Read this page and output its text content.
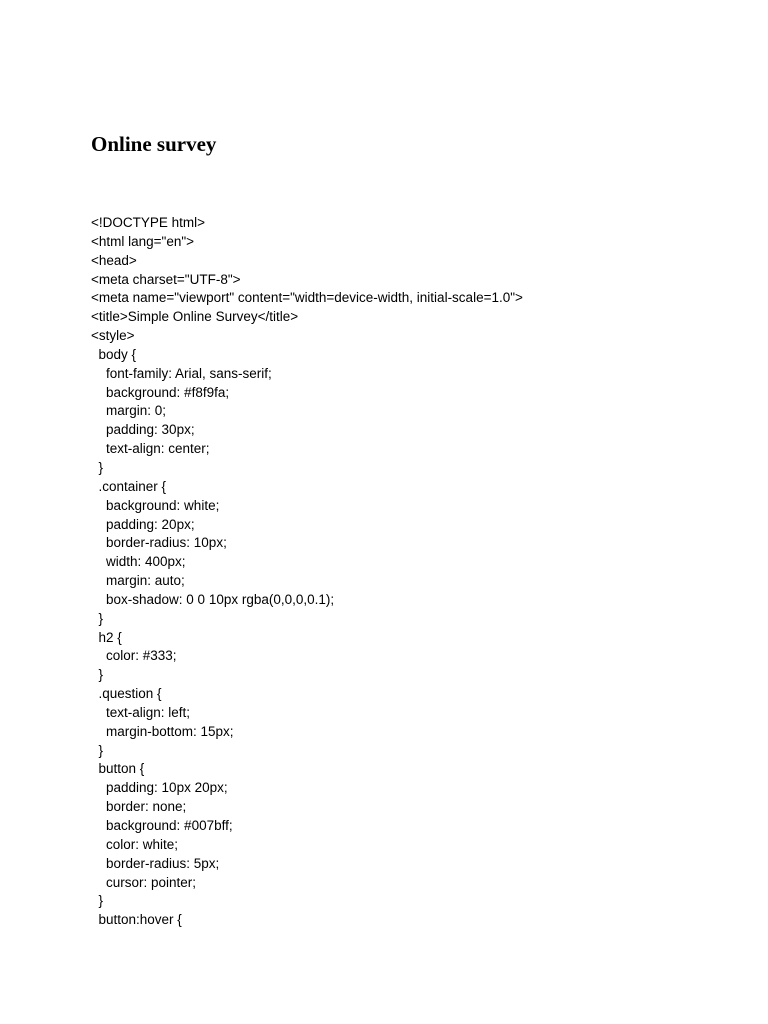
Online survey
<!DOCTYPE html>
<html lang="en">
<head>
<meta charset="UTF-8">
<meta name="viewport" content="width=device-width, initial-scale=1.0">
<title>Simple Online Survey</title>
<style>
body {
font-family: Arial, sans-serif;
background: #f8f9fa;
margin: 0;
padding: 30px;
text-align: center;
}
.container {
background: white;
padding: 20px;
border-radius: 10px;
width: 400px;
margin: auto;
box-shadow: 0 0 10px rgba(0,0,0,0.1);
}
h2 {
color: #333;
}
.question {
text-align: left;
margin-bottom: 15px;
}
button {
padding: 10px 20px;
border: none;
background: #007bff;
color: white;
border-radius: 5px;
cursor: pointer;
}
button:hover {
